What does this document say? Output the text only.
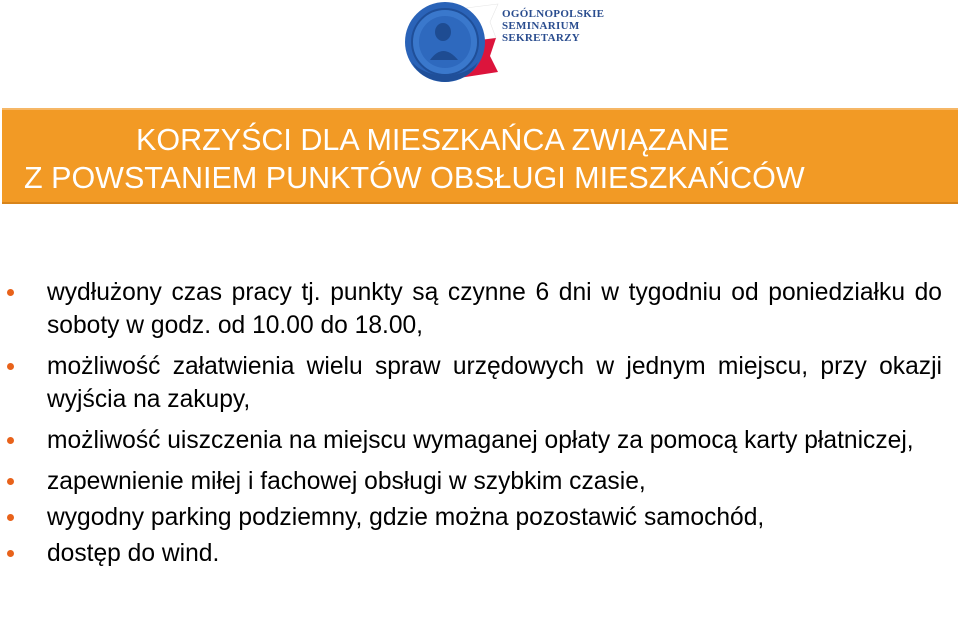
OGÓLNOPOLSKIE
SEMINARIUM
SEKRETARZY
KORZYŚCI DLA MIESZKAŃCA ZWIĄZANE
Z POWSTANIEM PUNKTÓW OBSŁUGI MIESZKAŃCÓW
wydłużony czas pracy tj. punkty są czynne 6 dni w tygodniu od poniedziałku do soboty w godz. od 10.00 do 18.00,
możliwość załatwienia wielu spraw urzędowych w jednym miejscu, przy okazji wyjścia na zakupy,
możliwość uiszczenia na miejscu wymaganej opłaty za pomocą karty płatniczej,
zapewnienie miłej i fachowej obsługi w szybkim czasie,
wygodny parking podziemny, gdzie można pozostawić samochód,
dostęp do wind.
